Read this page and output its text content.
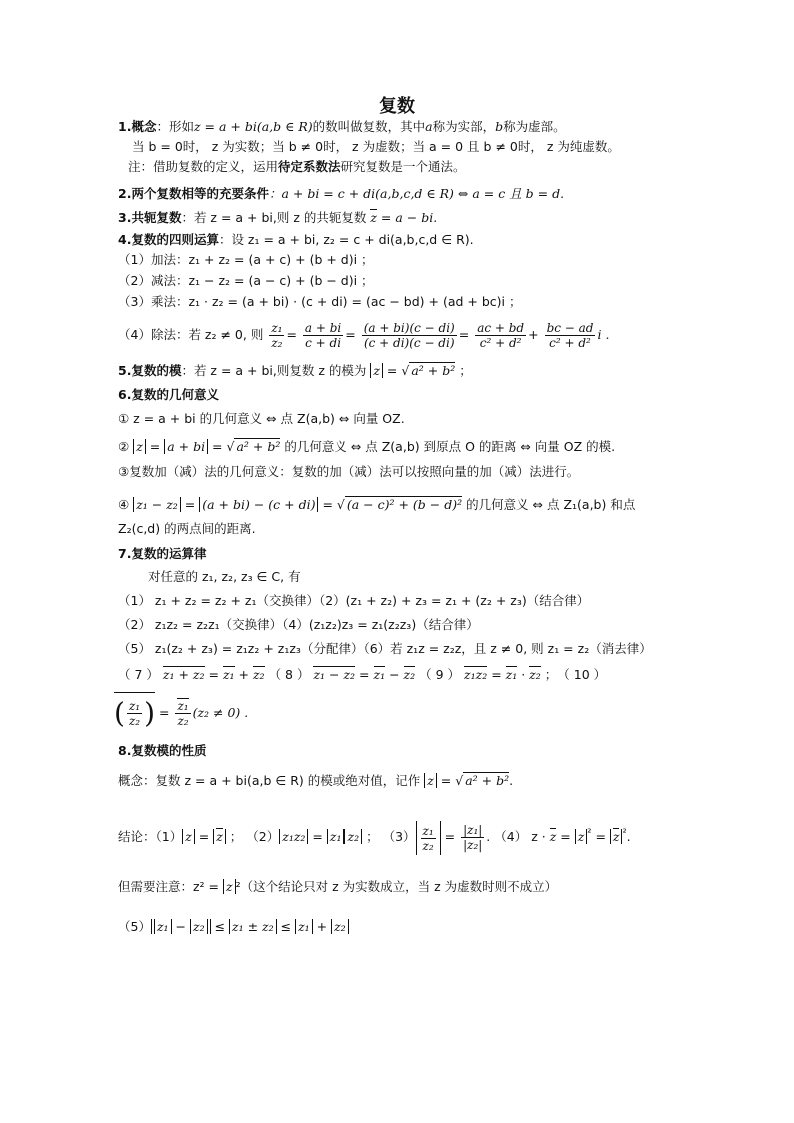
复数
1.概念：形如z = a + bi(a,b ∈ R)的数叫做复数，其中a称为实部，b称为虚部。
当 b = 0时， z 为实数；当 b ≠ 0时， z 为虚数；当 a = 0 且 b ≠ 0时， z 为纯虚数。
注：借助复数的定义，运用待定系数法研究复数是一个通法。
2.两个复数相等的充要条件：a + bi = c + di(a,b,c,d ∈ R) ⇔ a = c 且 b = d.
3.共轭复数：若 z = a + bi,则 z 的共轭复数 z = a − bi.
4.复数的四则运算：设 z₁ = a + bi, z₂ = c + di(a,b,c,d ∈ R).
（1）加法：z₁ + z₂ = (a + c) + (b + d)i ；
（2）减法：z₁ − z₂ = (a − c) + (b − d)i ；
（3）乘法：z₁ · z₂ = (a + bi) · (c + di) = (ac − bd) + (ad + bc)i ；
（4）除法：若 z₂ ≠ 0, 则 $\frac{\text{z₁}}{\text{z₂}} = \frac{a + bi}{c + di} = \frac{(a + bi)(c - di)}{(c + di)(c - di)} = \frac{ac + bd}{\text{c² + d²}} + \frac{bc - ad}{\text{c² + d²}}$ i .
5.复数的模：若 z = a + bi,则复数 z 的模为 z = √ a² + b² ；
6.复数的几何意义
① z = a + bi 的几何意义 ⇔ 点 Z(a,b) ⇔ 向量 OZ.
② z = a + bi = √ a² + b² 的几何意义 ⇔ 点 Z(a,b) 到原点 O 的距离 ⇔ 向量 OZ 的模.
③复数加（减）法的几何意义：复数的加（减）法可以按照向量的加（减）法进行。
④ z₁ − z₂ = (a + bi) − (c + di) = √ (a − c)² + (b − d)² 的几何意义 ⇔ 点 Z₁(a,b) 和点
Z₂(c,d) 的两点间的距离.
7.复数的运算律
对任意的 z₁, z₂, z₃ ∈ C, 有
（1） z₁ + z₂ = z₂ + z₁（交换律）（2）(z₁ + z₂) + z₃ = z₁ + (z₂ + z₃)（结合律）
（2） z₁z₂ = z₂z₁（交换律）（4）(z₁z₂)z₃ = z₁(z₂z₃)（结合律）
（5） z₁(z₂ + z₃) = z₁z₂ + z₁z₃（分配律）（6）若 z₁z = z₂z，且 z ≠ 0, 则 z₁ = z₂（消去律）
（ 7 ） z₁ + z₂ = z₁ + z₂ （ 8 ） z₁ − z₂ = z₁ − z₂ （ 9 ） z₁z₂ = z₁ · z₂ ；　（ 10 ）
( $\frac{\text{z₁}}{\text{z₂}}$ ) = $\frac{\text{z₁}}{\text{z₂}} (z_2 \ne 0)$ .
8.复数模的性质
概念：复数 z = a + bi(a,b ∈ R) 的模或绝对值，记作 z = √ a² + b².
结论：（1） z = z ； （2） z₁z₂ = z₁ z₂ ； $(3) \frac{\text{z₁}}{\text{z₂}} = \frac{\text{|z₁|}}{\text{|z₂|}}$ . （4） z · z = z $^{^2}$ = z $^{^2}$.
但需要注意：z² = z ²（这个结论只对 z 为实数成立，当 z 为虚数时则不成立）
（5） z₁ − z₂ ≤ z₁ ± z₂ ≤ z₁ + z₂
